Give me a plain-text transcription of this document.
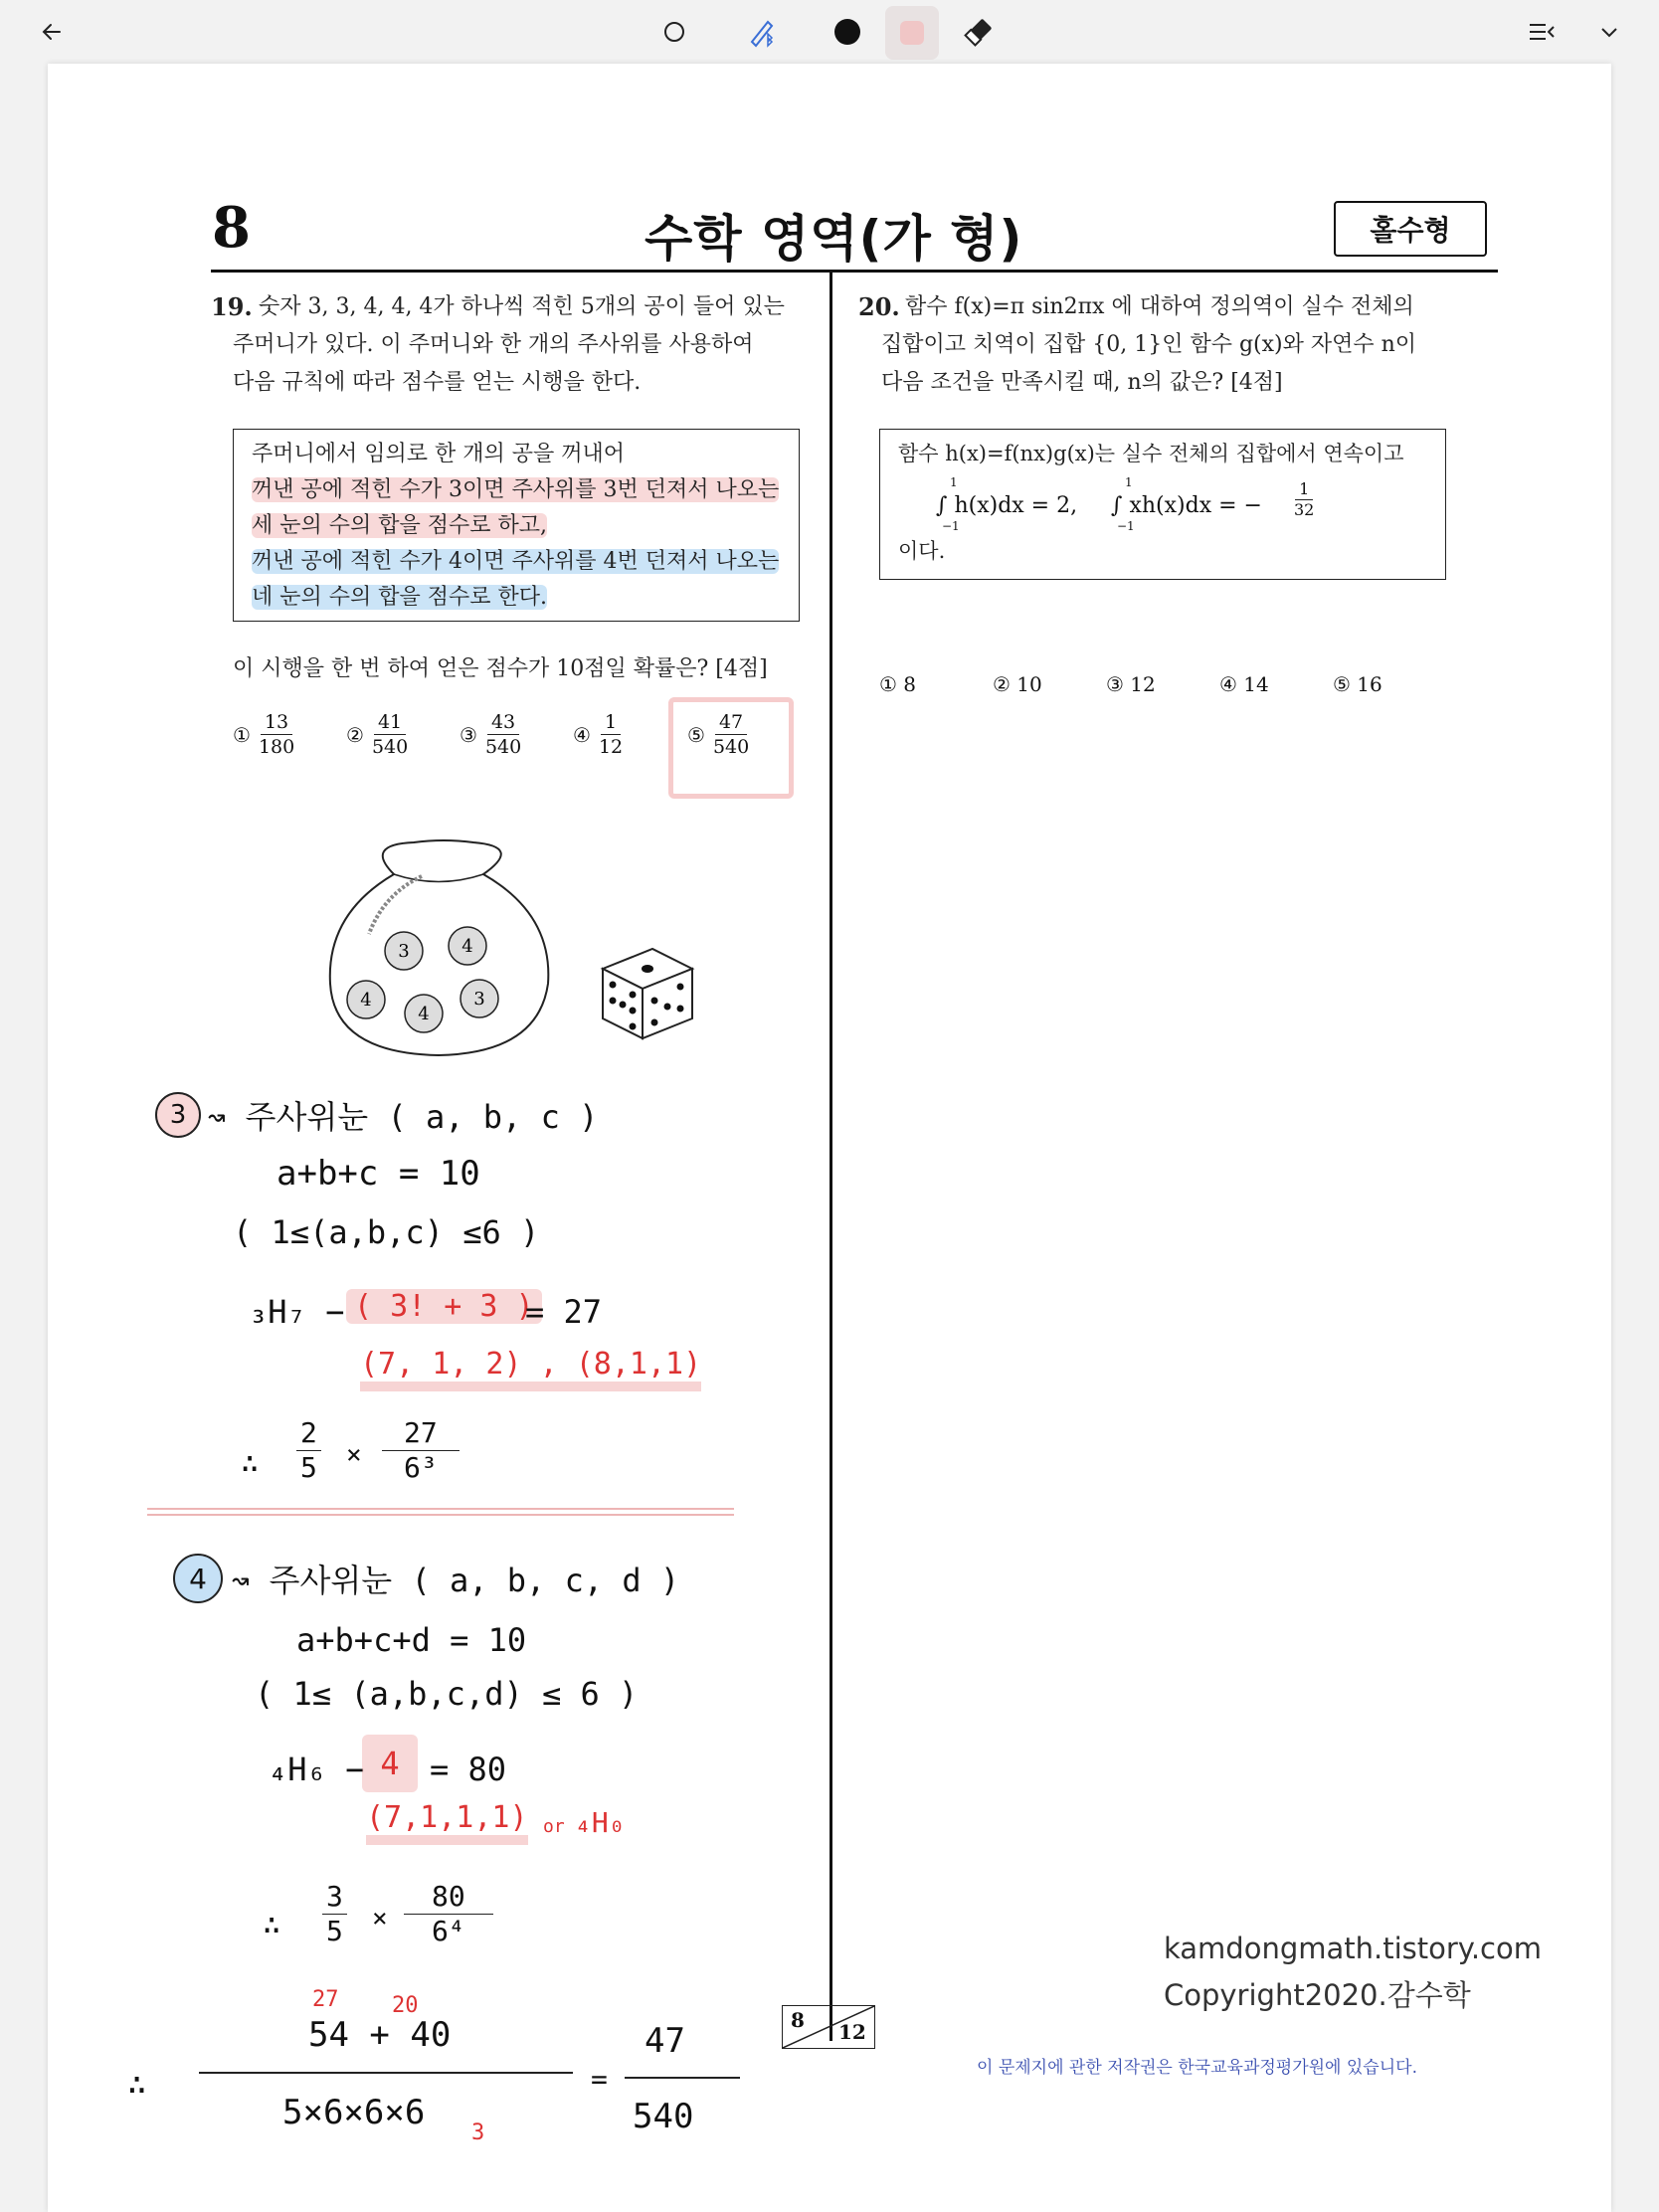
8	수학 영역(가 형)	홀수형
19. 숫자 3, 3, 4, 4, 4가 하나씩 적힌 5개의 공이 들어 있는
주머니가 있다. 이 주머니와 한 개의 주사위를 사용하여
다음 규칙에 따라 점수를 얻는 시행을 한다.
주머니에서 임의로 한 개의 공을 꺼내어
꺼낸 공에 적힌 수가 3이면 주사위를 3번 던져서 나오는
세 눈의 수의 합을 점수로 하고,
꺼낸 공에 적힌 수가 4이면 주사위를 4번 던져서 나오는
네 눈의 수의 합을 점수로 한다.
이 시행을 한 번 하여 얻은 점수가 10점일 확률은? [4점]
① $\frac{13}{180}$	② $\frac{41}{540}$	③ $\frac{43}{540}$	④ $\frac{1}{12}$	⑤ $\frac{47}{540}$
3	4
4	3
4
3 ↝ 주사위눈 ( a, b, c )
a+b+c = 10
( 1≤(a,b,c) ≤6 )
₃H₇ − ( 3! + 3 )
= 27
(7, 1, 2) , (8,1,1)
∴ $\frac{2}{5} \times \frac{27}{\text{6³}}$
4 ↝ 주사위눈 ( a, b, c, d )
a+b+c+d = 10
( 1≤ (a,b,c,d) ≤ 6 )
₄H₆ − 4 = 80
(7,1,1,1) or ₄H₀
∴ $\frac{3}{5} \times \frac{80}{\text{6⁴}}$
∴
27 20
54 + 40
5×6×6×6
3
=
47
540
20. 함수 f(x)=π sin2πx 에 대하여 정의역이 실수 전체의
집합이고 치역이 집합 {0, 1}인 함수 g(x)와 자연수 n이
다음 조건을 만족시킬 때, n의 값은? [4점]
함수 h(x)=f(nx)g(x)는 실수 전체의 집합에서 연속이고
1
∫ h(x)dx = 2,
−1
1
∫ xh(x)dx = −
−1
$\frac{1}{32}$
이다.
① 8	② 10	③ 12	④ 14	⑤ 16
kamdongmath.tistory.com
Copyright2020.감수학
8 12
이 문제지에 관한 저작권은 한국교육과정평가원에 있습니다.
